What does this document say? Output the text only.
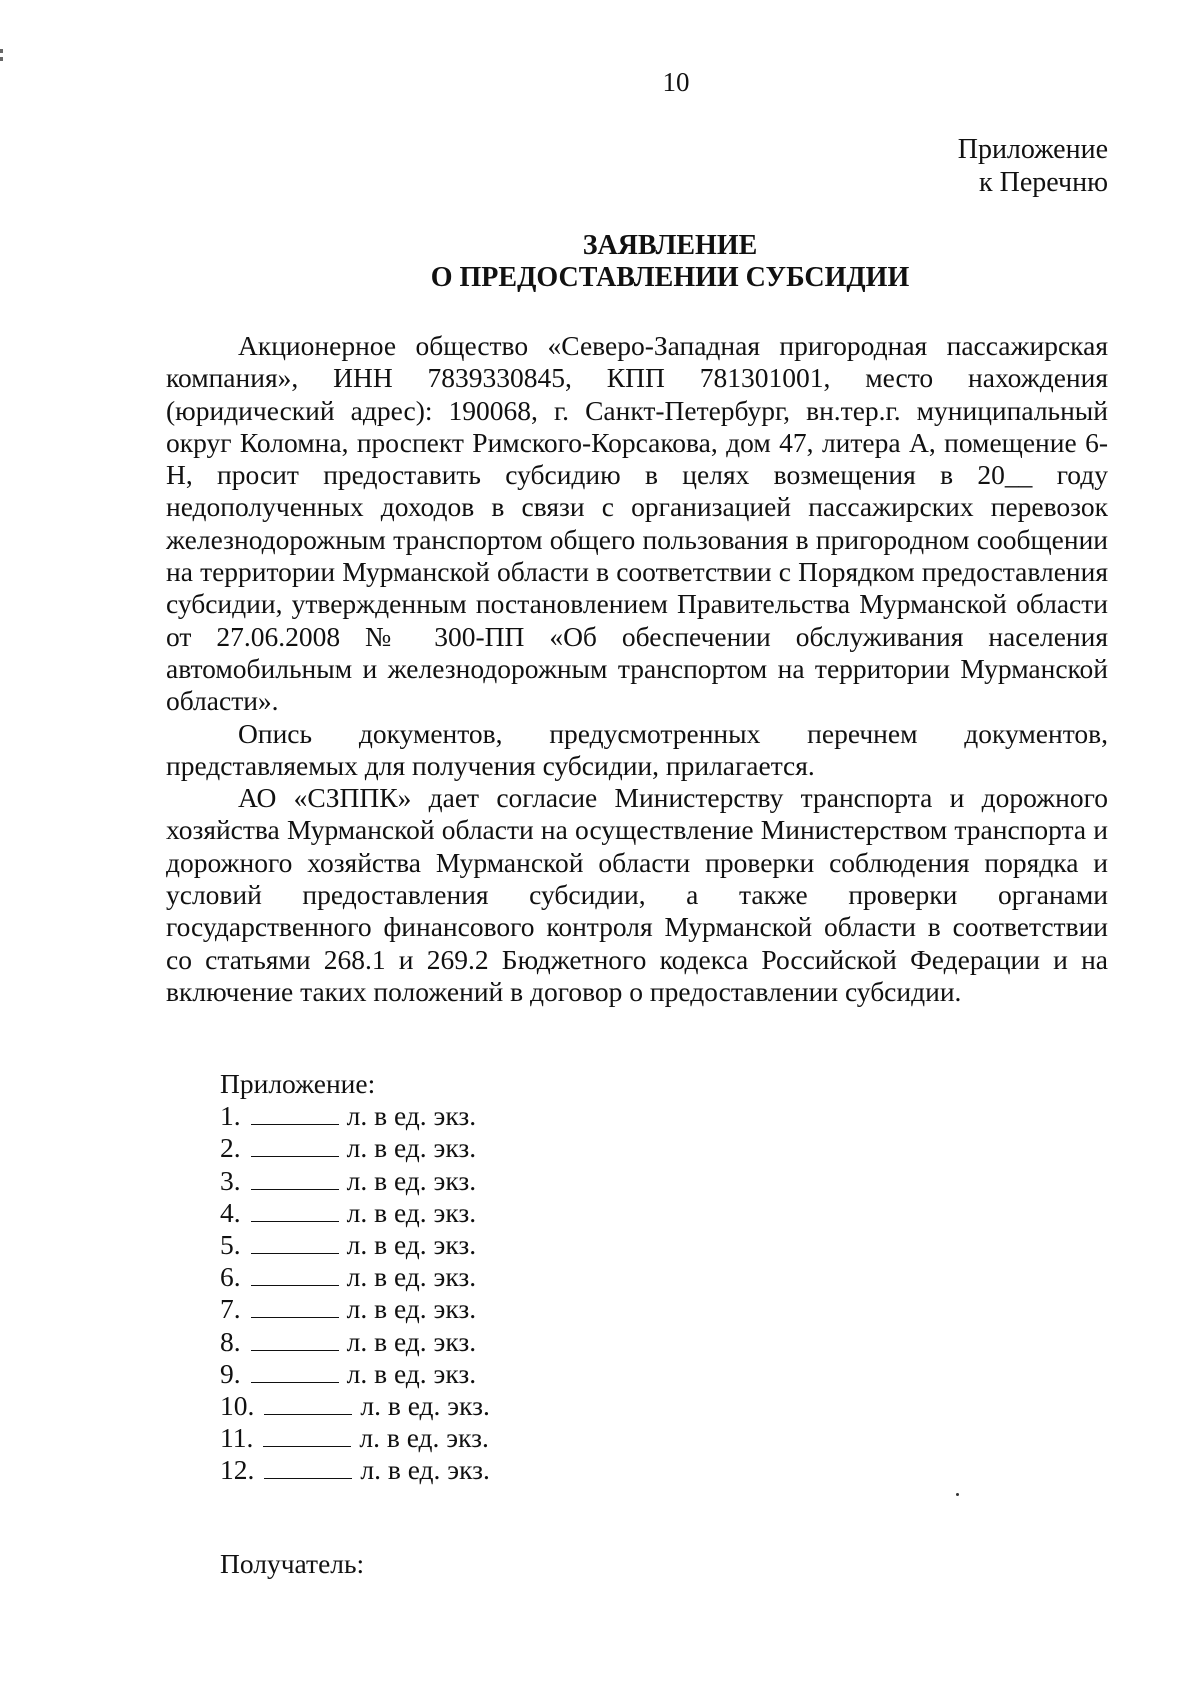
10
Приложение
к Перечню
ЗАЯВЛЕНИЕ
О ПРЕДОСТАВЛЕНИИ СУБСИДИИ

Акционерное общество «Северо-Западная пригородная пассажирская компания», ИНН 7839330845, КПП 781301001, место нахождения (юридический адрес): 190068, г. Санкт-Петербург, вн.тер.г. муниципальный округ Коломна, проспект Римского-Корсакова, дом 47, литера А, помещение 6-Н, просит предоставить субсидию в целях возмещения в 20__ году недополученных доходов в связи с организацией пассажирских перевозок железнодорожным транспортом общего пользования в пригородном сообщении на территории Мурманской области в соответствии с Порядком предоставления субсидии, утвержденным постановлением Правительства Мурманской области от 27.06.2008 № 300-ПП «Об обеспечении обслуживания населения автомобильным и железнодорожным транспортом на территории Мурманской области».

Опись документов, предусмотренных перечнем документов, представляемых для получения субсидии, прилагается.

АО «СЗППК» дает согласие Министерству транспорта и дорожного хозяйства Мурманской области на осуществление Министерством транспорта и дорожного хозяйства Мурманской области проверки соблюдения порядка и условий предоставления субсидии, а также проверки органами государственного финансового контроля Мурманской области в соответствии со статьями 268.1 и 269.2 Бюджетного кодекса Российской Федерации и на включение таких положений в договор о предоставлении субсидии.

Приложение:
1.	л. в ед. экз.
2.	л. в ед. экз.
3.	л. в ед. экз.
4.	л. в ед. экз.
5.	л. в ед. экз.
6.	л. в ед. экз.
7.	л. в ед. экз.
8.	л. в ед. экз.
9.	л. в ед. экз.
10.	л. в ед. экз.
11.	л. в ед. экз.
12.	л. в ед. экз.
Получатель:
